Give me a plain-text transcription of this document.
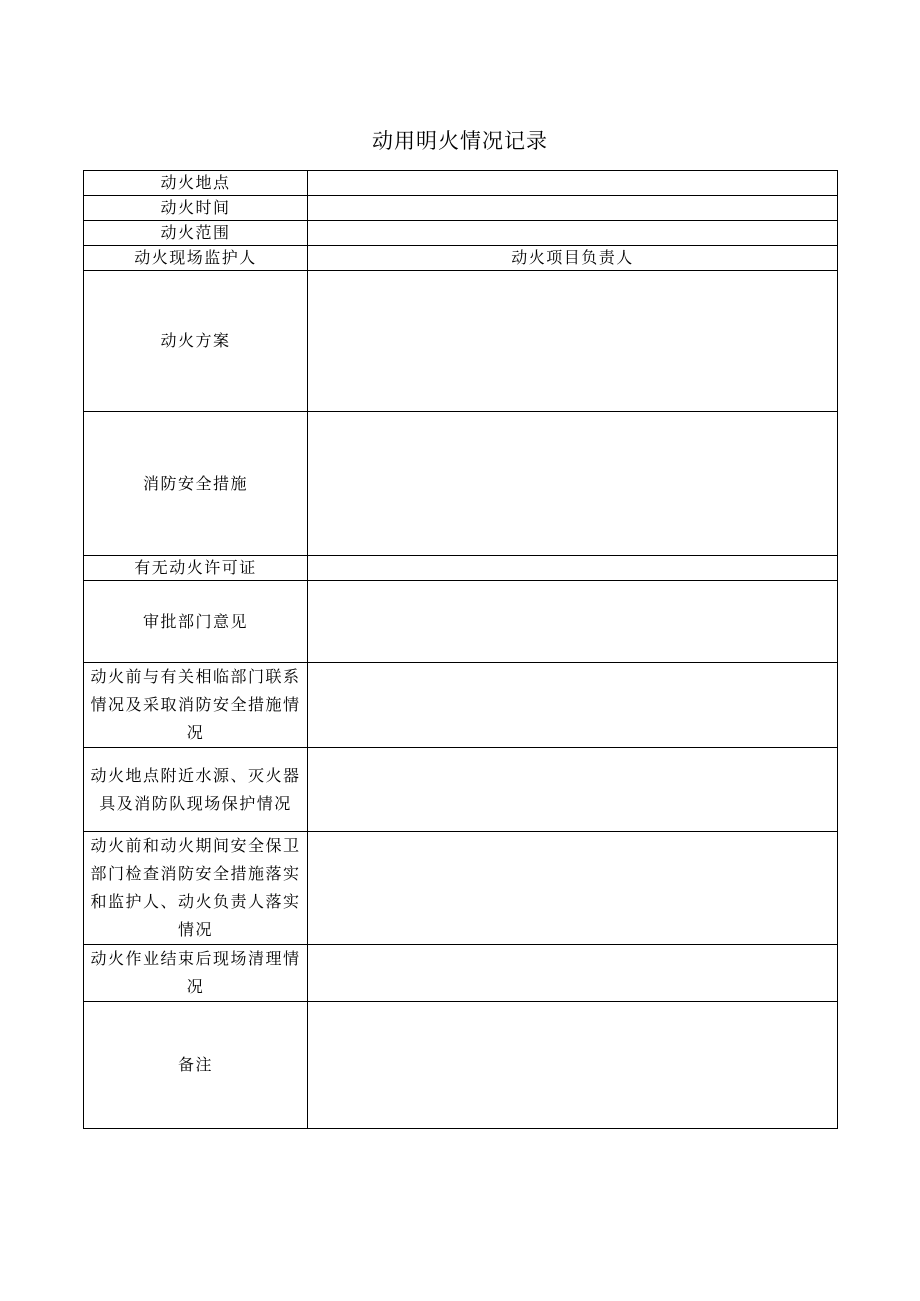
动用明火情况记录
动火地点	
动火时间	
动火范围	
动火现场监护人	动火项目负责人
动火方案	
消防安全措施	
有无动火许可证	
审批部门意见	
动火前与有关相临部门联系情况及采取消防安全措施情况	
动火地点附近水源、灭火器具及消防队现场保护情况	
动火前和动火期间安全保卫部门检查消防安全措施落实和监护人、动火负责人落实情况	
动火作业结束后现场清理情况	
备注	
